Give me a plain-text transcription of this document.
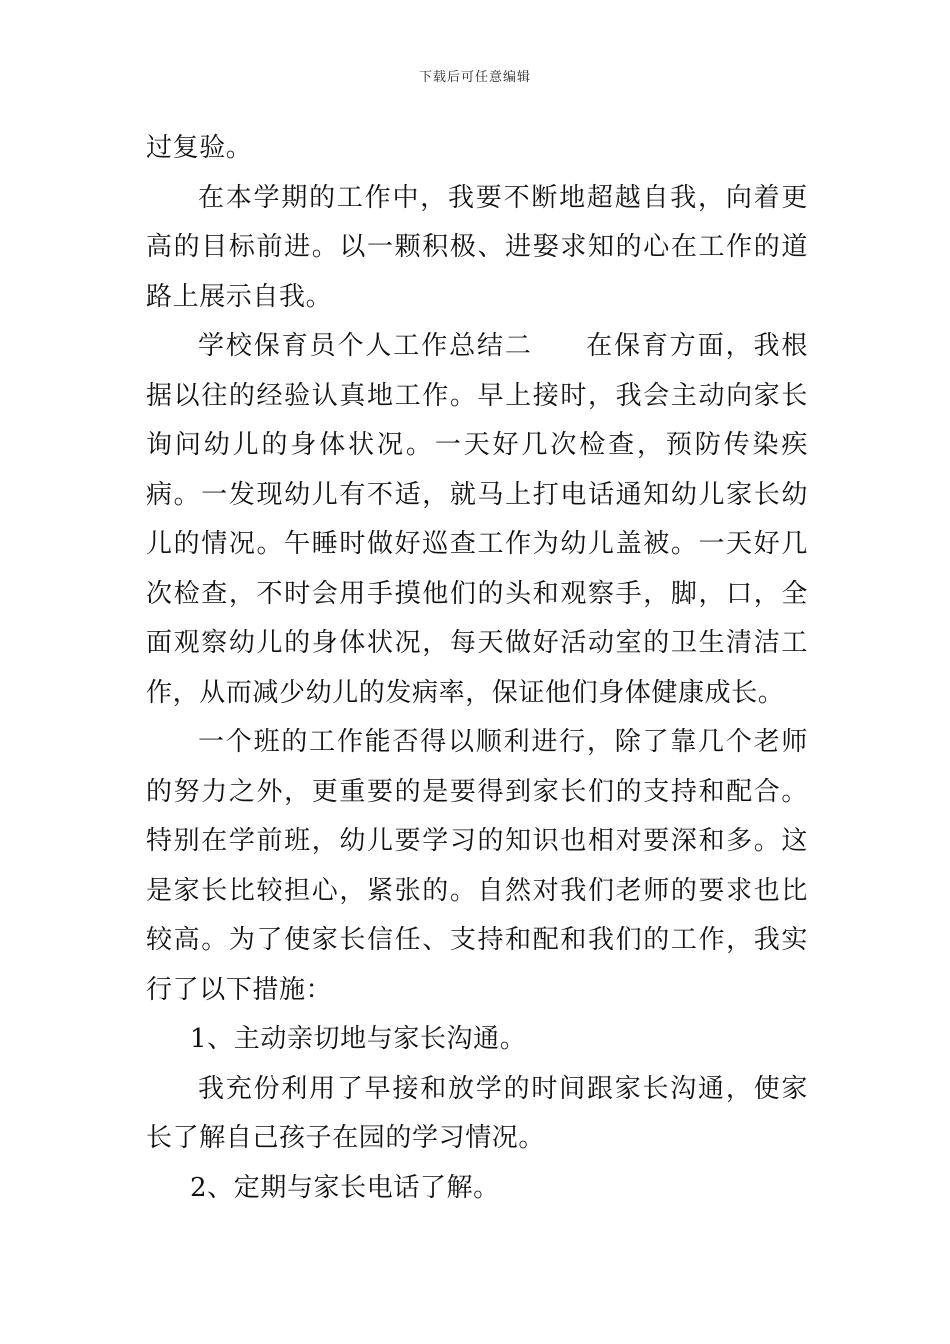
下载后可任意编辑

过复验。

在本学期的工作中，我要不断地超越自我，向着更高的目标前进。以一颗积极、进娶求知的心在工作的道路上展示自我。

学校保育员个人工作总结二 在保育方面，我根据以往的经验认真地工作。早上接时，我会主动向家长询问幼儿的身体状况。一天好几次检查，预防传染疾病。一发现幼儿有不适，就马上打电话通知幼儿家长幼儿的情况。午睡时做好巡查工作为幼儿盖被。一天好几次检查，不时会用手摸他们的头和观察手，脚，口，全面观察幼儿的身体状况，每天做好活动室的卫生清洁工作，从而减少幼儿的发病率，保证他们身体健康成长。

一个班的工作能否得以顺利进行，除了靠几个老师的努力之外，更重要的是要得到家长们的支持和配合。特别在学前班，幼儿要学习的知识也相对要深和多。这是家长比较担心，紧张的。自然对我们老师的要求也比较高。为了使家长信任、支持和配和我们的工作，我实行了以下措施：

1、主动亲切地与家长沟通。

我充份利用了早接和放学的时间跟家长沟通，使家长了解自己孩子在园的学习情况。

2、定期与家长电话了解。
